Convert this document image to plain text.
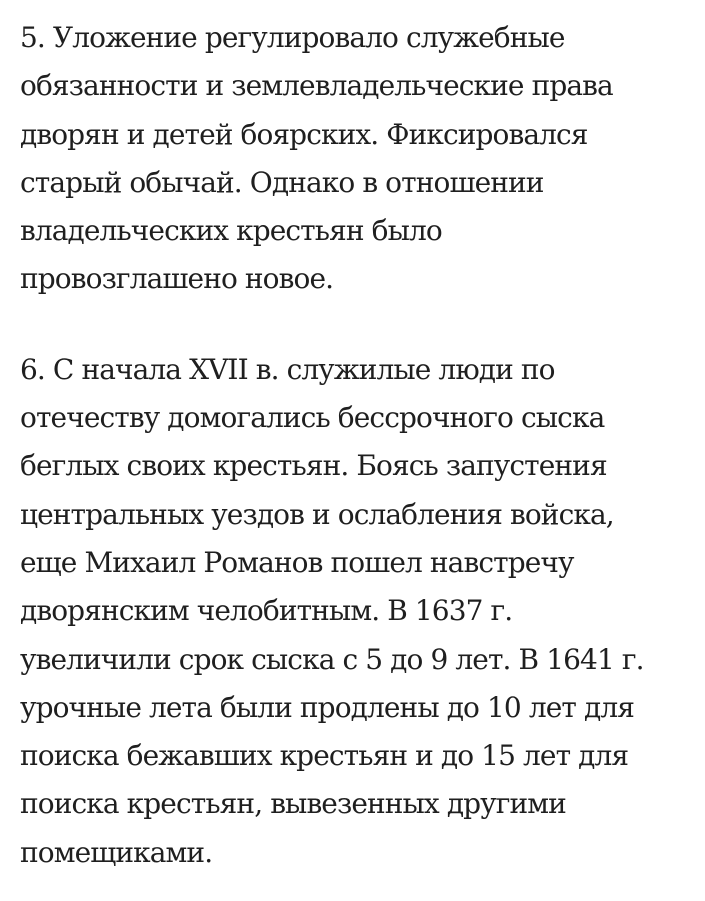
5. Уложение регулировало служебные
обязанности и землевладельческие права
дворян и детей боярских. Фиксировался
старый обычай. Однако в отношении
владельческих крестьян было
провозглашено новое.
6. С начала XVII в. служилые люди по
отечеству домогались бессрочного сыска
беглых своих крестьян. Боясь запустения
центральных уездов и ослабления войска,
еще Михаил Романов пошел навстречу
дворянским челобитным. В 1637 г.
увеличили срок сыска с 5 до 9 лет. В 1641 г.
урочные лета были продлены до 10 лет для
поиска бежавших крестьян и до 15 лет для
поиска крестьян, вывезенных другими
помещиками.
